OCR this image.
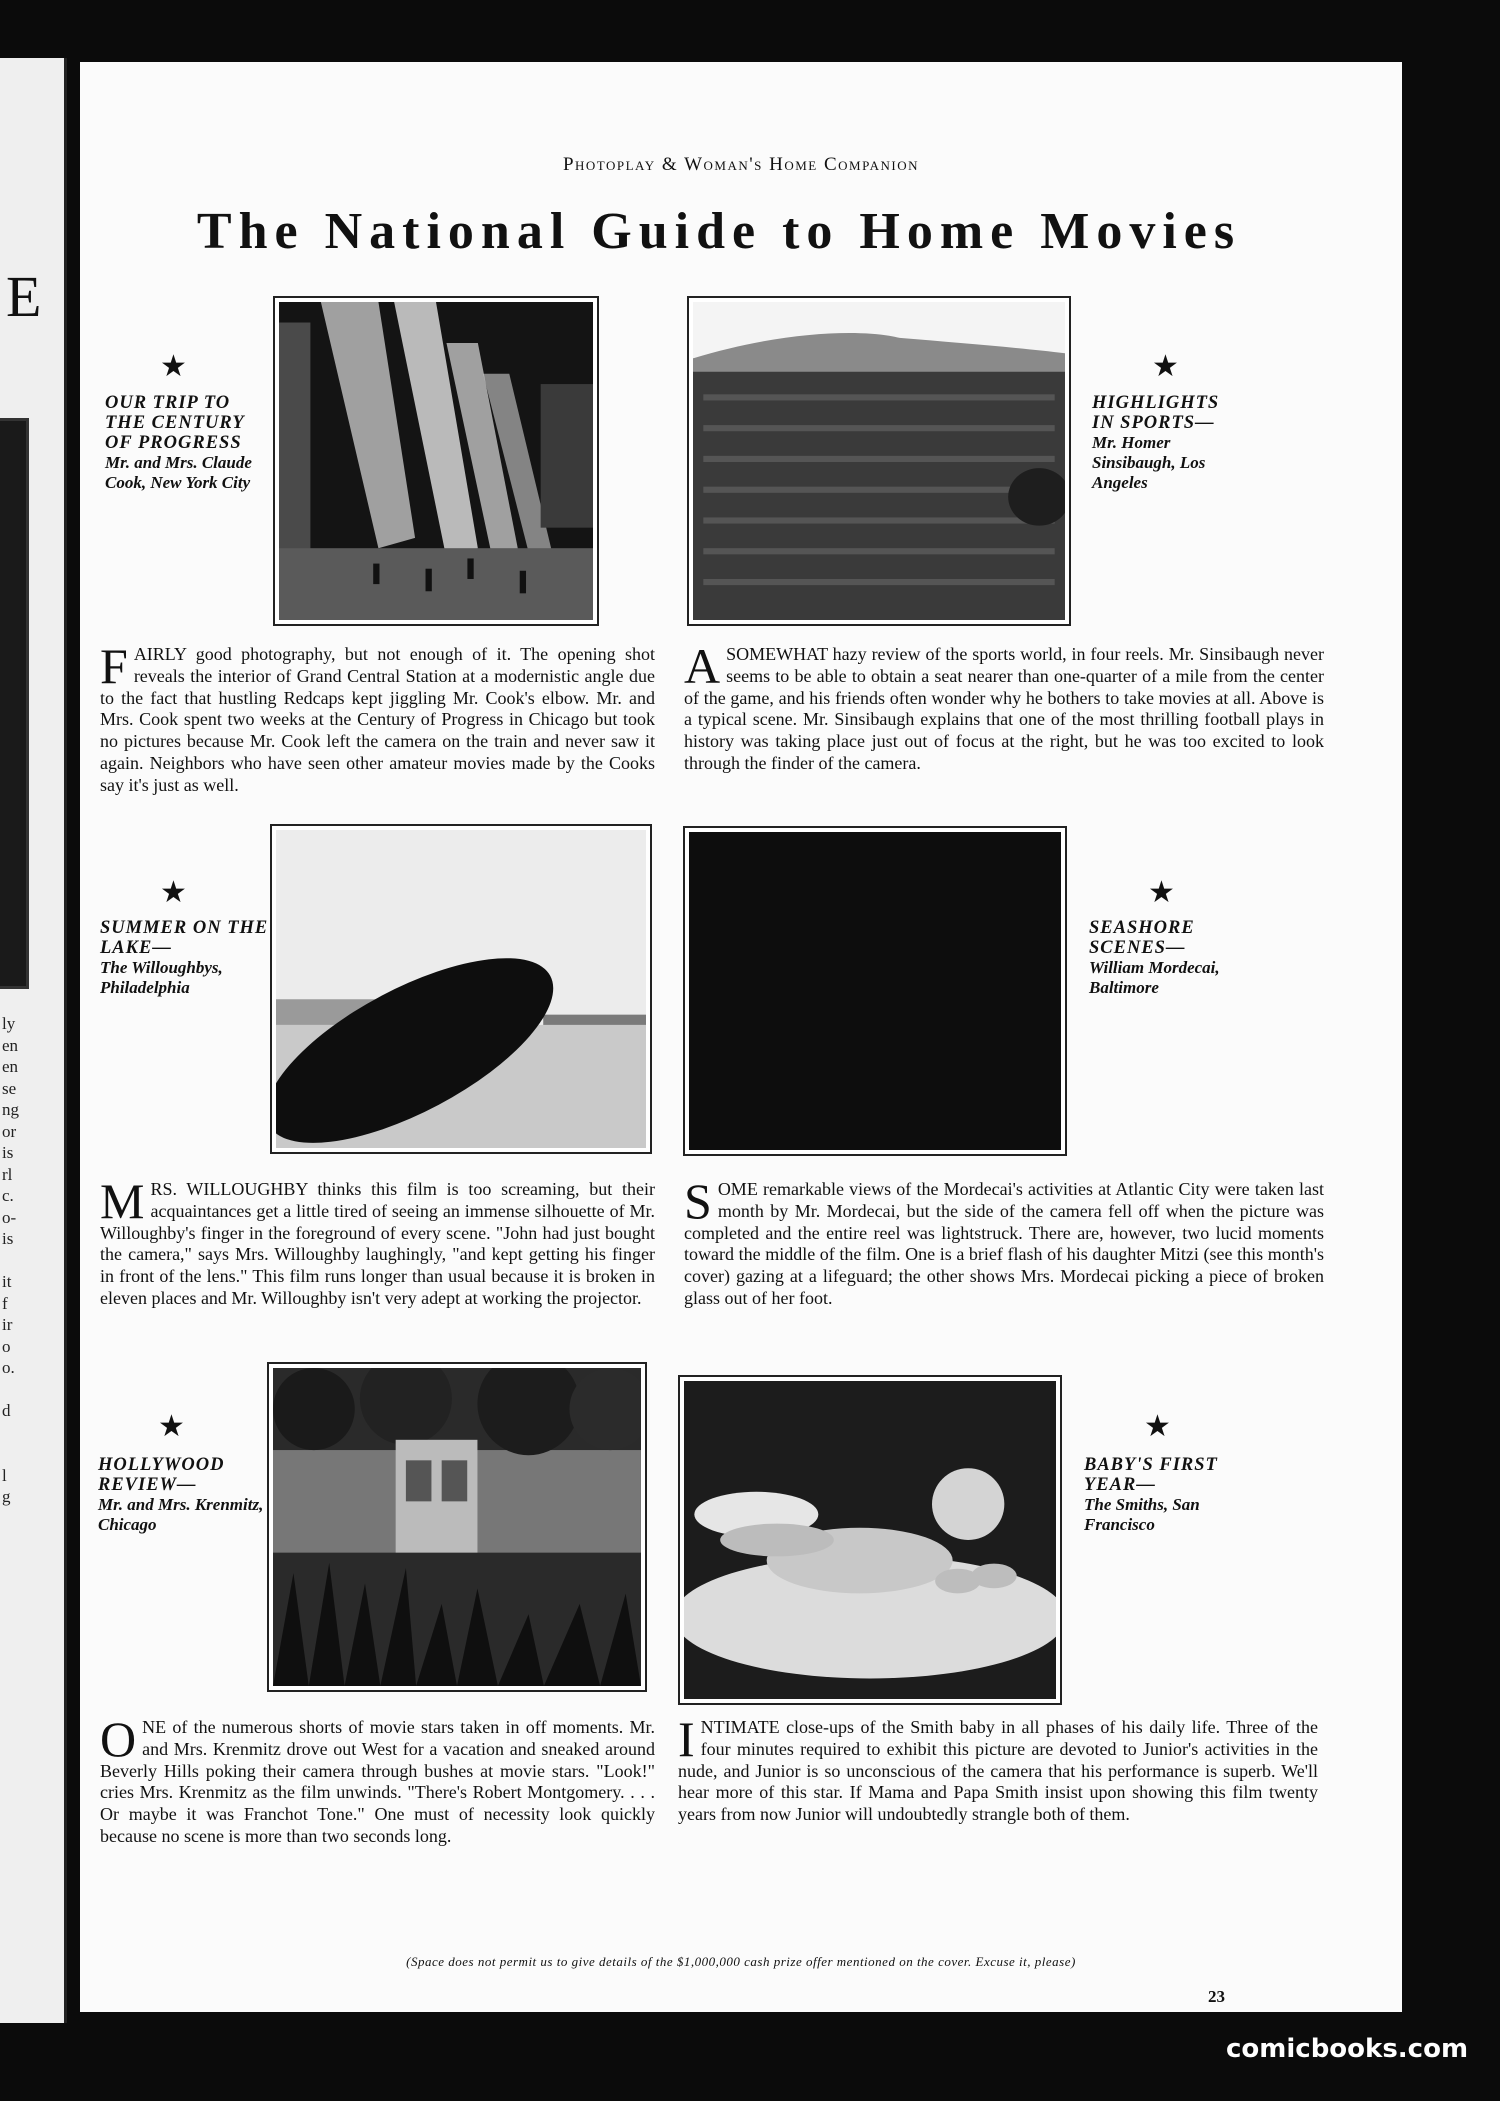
E
ly
en
en
se
ng
or
is
rl
c.
o-
is

it
f
ir
o
o.

d

l
g
Photoplay & Woman's Home Companion
The National Guide to Home Movies
★
OUR TRIP TO THE CENTURY OF PROGRESS
Mr. and Mrs. Claude Cook, New York City
FAIRLY good photography, but not enough of it. The opening shot reveals the interior of Grand Central Station at a modernistic angle due to the fact that hustling Redcaps kept jiggling Mr. Cook's elbow. Mr. and Mrs. Cook spent two weeks at the Century of Progress in Chicago but took no pictures because Mr. Cook left the camera on the train and never saw it again. Neighbors who have seen other amateur movies made by the Cooks say it's just as well.
★
HIGHLIGHTS IN SPORTS—
Mr. Homer Sinsibaugh, Los Angeles
ASOMEWHAT hazy review of the sports world, in four reels. Mr. Sinsibaugh never seems to be able to obtain a seat nearer than one-quarter of a mile from the center of the game, and his friends often wonder why he bothers to take movies at all. Above is a typical scene. Mr. Sinsibaugh explains that one of the most thrilling football plays in history was taking place just out of focus at the right, but he was too excited to look through the finder of the camera.
★
SUMMER ON THE LAKE—
The Willoughbys, Philadelphia
MRS. WILLOUGHBY thinks this film is too screaming, but their acquaintances get a little tired of seeing an immense silhouette of Mr. Willoughby's finger in the foreground of every scene. "John had just bought the camera," says Mrs. Willoughby laughingly, "and kept getting his finger in front of the lens." This film runs longer than usual because it is broken in eleven places and Mr. Willoughby isn't very adept at working the projector.
★
SEASHORE SCENES—
William Mordecai, Baltimore
SOME remarkable views of the Mordecai's activities at Atlantic City were taken last month by Mr. Mordecai, but the side of the camera fell off when the picture was completed and the entire reel was lightstruck. There are, however, two lucid moments toward the middle of the film. One is a brief flash of his daughter Mitzi (see this month's cover) gazing at a lifeguard; the other shows Mrs. Mordecai picking a piece of broken glass out of her foot.
★
HOLLYWOOD REVIEW—
Mr. and Mrs. Krenmitz, Chicago
ONE of the numerous shorts of movie stars taken in off moments. Mr. and Mrs. Krenmitz drove out West for a vacation and sneaked around Beverly Hills poking their camera through bushes at movie stars. "Look!" cries Mrs. Krenmitz as the film unwinds. "There's Robert Montgomery. . . . Or maybe it was Franchot Tone." One must of necessity look quickly because no scene is more than two seconds long.
★
BABY'S FIRST YEAR—
The Smiths, San Francisco
INTIMATE close-ups of the Smith baby in all phases of his daily life. Three of the four minutes required to exhibit this picture are devoted to Junior's activities in the nude, and Junior is so unconscious of the camera that his performance is superb. We'll hear more of this star. If Mama and Papa Smith insist upon showing this film twenty years from now Junior will undoubtedly strangle both of them.
(Space does not permit us to give details of the $1,000,000 cash prize offer mentioned on the cover. Excuse it, please)
23
comicbooks.com
